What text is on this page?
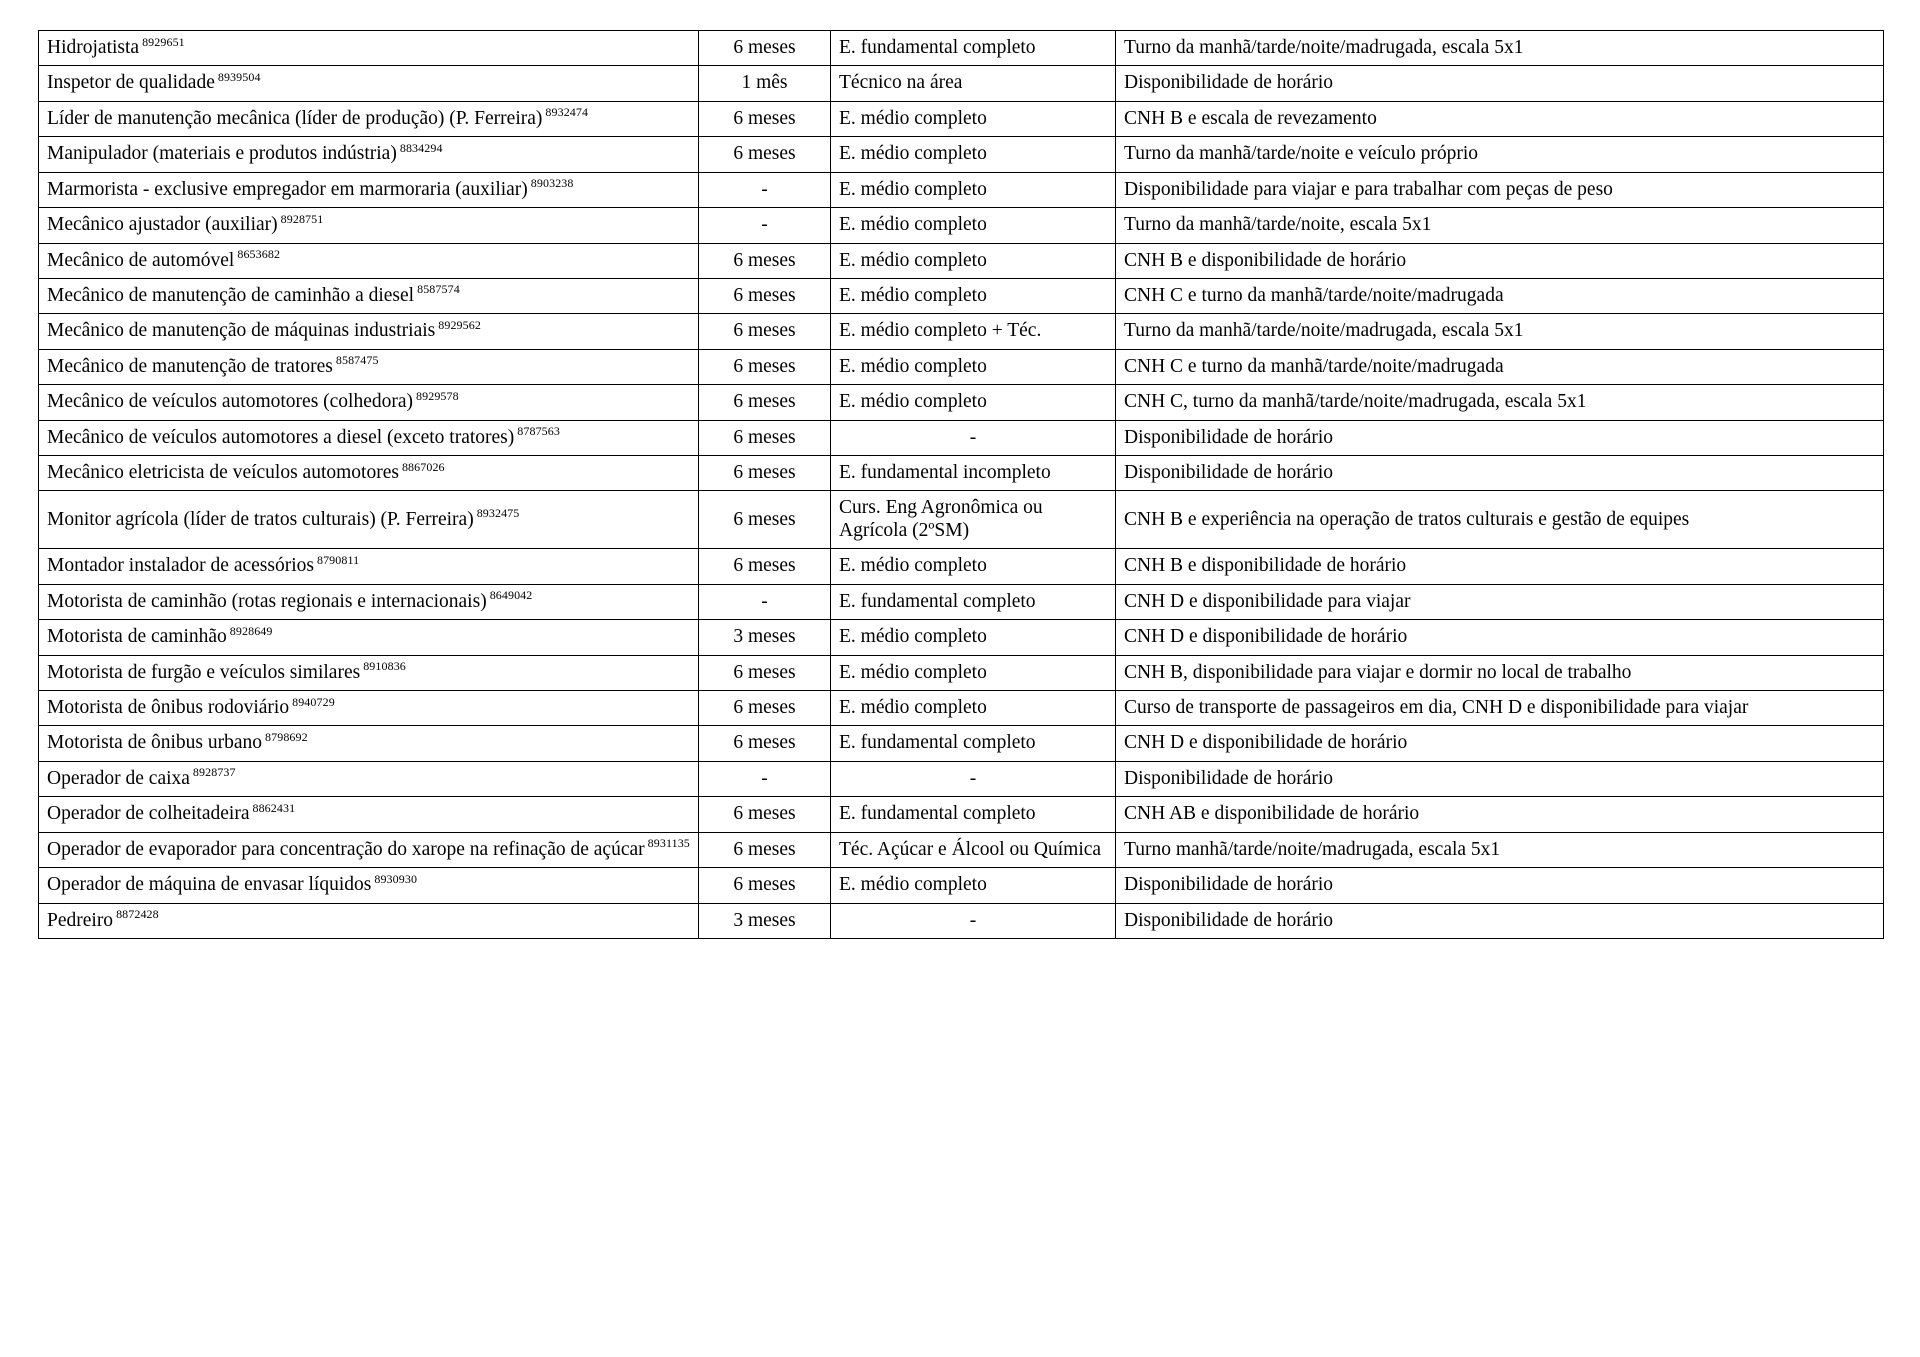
Hidrojatista $^{8929651}$	6 meses	E. fundamental completo	Turno da manhã/tarde/noite/madrugada, escala 5x1
Inspetor de qualidade $^{8939504}$	1 mês	Técnico na área	Disponibilidade de horário
Líder de manutenção mecânica (líder de produção) (P. Ferreira) $^{8932474}$	6 meses	E. médio completo	CNH B e escala de revezamento
Manipulador (materiais e produtos indústria) $^{8834294}$	6 meses	E. médio completo	Turno da manhã/tarde/noite e veículo próprio
Marmorista - exclusive empregador em marmoraria (auxiliar) $^{8903238}$	-	E. médio completo	Disponibilidade para viajar e para trabalhar com peças de peso
Mecânico ajustador (auxiliar) $^{8928751}$	-	E. médio completo	Turno da manhã/tarde/noite, escala 5x1
Mecânico de automóvel $^{8653682}$	6 meses	E. médio completo	CNH B e disponibilidade de horário
Mecânico de manutenção de caminhão a diesel $^{8587574}$	6 meses	E. médio completo	CNH C e turno da manhã/tarde/noite/madrugada
Mecânico de manutenção de máquinas industriais $^{8929562}$	6 meses	E. médio completo + Téc.	Turno da manhã/tarde/noite/madrugada, escala 5x1
Mecânico de manutenção de tratores $^{8587475}$	6 meses	E. médio completo	CNH C e turno da manhã/tarde/noite/madrugada
Mecânico de veículos automotores (colhedora) $^{8929578}$	6 meses	E. médio completo	CNH C, turno da manhã/tarde/noite/madrugada, escala 5x1
Mecânico de veículos automotores a diesel (exceto tratores) $^{8787563}$	6 meses	-	Disponibilidade de horário
Mecânico eletricista de veículos automotores $^{8867026}$	6 meses	E. fundamental incompleto	Disponibilidade de horário
Monitor agrícola (líder de tratos culturais) (P. Ferreira) $^{8932475}$	6 meses	Curs. Eng Agronômica ou Agrícola (2ºSM)	CNH B e experiência na operação de tratos culturais e gestão de equipes
Montador instalador de acessórios $^{8790811}$	6 meses	E. médio completo	CNH B e disponibilidade de horário
Motorista de caminhão (rotas regionais e internacionais) $^{8649042}$	-	E. fundamental completo	CNH D e disponibilidade para viajar
Motorista de caminhão $^{8928649}$	3 meses	E. médio completo	CNH D e disponibilidade de horário
Motorista de furgão e veículos similares $^{8910836}$	6 meses	E. médio completo	CNH B, disponibilidade para viajar e dormir no local de trabalho
Motorista de ônibus rodoviário $^{8940729}$	6 meses	E. médio completo	Curso de transporte de passageiros em dia, CNH D e disponibilidade para viajar
Motorista de ônibus urbano $^{8798692}$	6 meses	E. fundamental completo	CNH D e disponibilidade de horário
Operador de caixa $^{8928737}$	-	-	Disponibilidade de horário
Operador de colheitadeira $^{8862431}$	6 meses	E. fundamental completo	CNH AB e disponibilidade de horário
Operador de evaporador para concentração do xarope na refinação de açúcar $^{8931135}$	6 meses	Téc. Açúcar e Álcool ou Química	Turno manhã/tarde/noite/madrugada, escala 5x1
Operador de máquina de envasar líquidos $^{8930930}$	6 meses	E. médio completo	Disponibilidade de horário
Pedreiro $^{8872428}$	3 meses	-	Disponibilidade de horário
